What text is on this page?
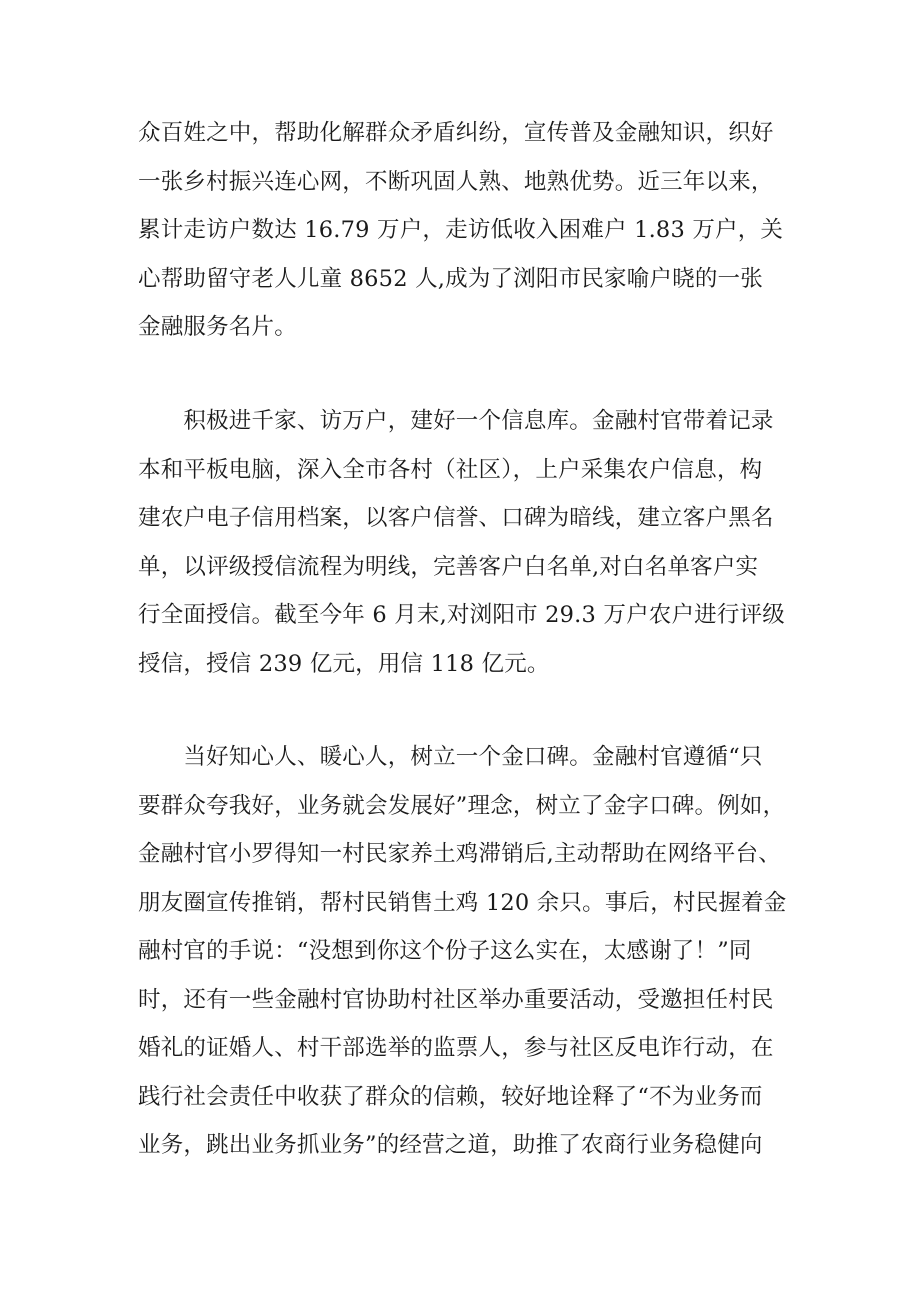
众百姓之中，帮助化解群众矛盾纠纷，宣传普及金融知识，织好
一张乡村振兴连心网，不断巩固人熟、地熟优势。近三年以来，
累计走访户数达 16.79 万户，走访低收入困难户 1.83 万户，关
心帮助留守老人儿童 8652 人,成为了浏阳市民家喻户晓的一张
金融服务名片。
　　积极进千家、访万户，建好一个信息库。金融村官带着记录
本和平板电脑，深入全市各村（社区），上户采集农户信息，构
建农户电子信用档案，以客户信誉、口碑为暗线，建立客户黑名
单，以评级授信流程为明线，完善客户白名单,对白名单客户实
行全面授信。截至今年 6 月末,对浏阳市 29.3 万户农户进行评级
授信，授信 239 亿元，用信 118 亿元。
　　当好知心人、暖心人，树立一个金口碑。金融村官遵循“只
要群众夸我好，业务就会发展好”理念，树立了金字口碑。例如，
金融村官小罗得知一村民家养土鸡滞销后,主动帮助在网络平台、
朋友圈宣传推销，帮村民销售土鸡 120 余只。事后，村民握着金
融村官的手说：“没想到你这个份子这么实在，太感谢了！”同
时，还有一些金融村官协助村社区举办重要活动，受邀担任村民
婚礼的证婚人、村干部选举的监票人，参与社区反电诈行动，在
践行社会责任中收获了群众的信赖，较好地诠释了“不为业务而
业务，跳出业务抓业务”的经营之道，助推了农商行业务稳健向
